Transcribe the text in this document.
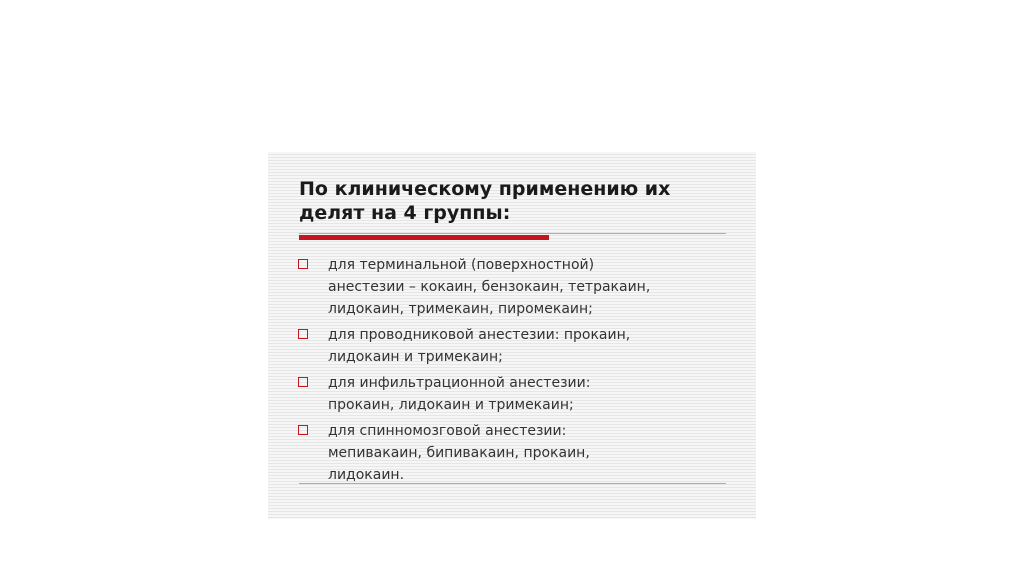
По клиническому применению их
делят на 4 группы:
для терминальной (поверхностной)
анестезии – кокаин, бензокаин, тетракаин,
лидокаин, тримекаин, пиромекаин;
для проводниковой анестезии: прокаин,
лидокаин и тримекаин;
для инфильтрационной анестезии:
прокаин, лидокаин и тримекаин;
для спинномозговой анестезии:
мепивакаин, бипивакаин, прокаин,
лидокаин.
